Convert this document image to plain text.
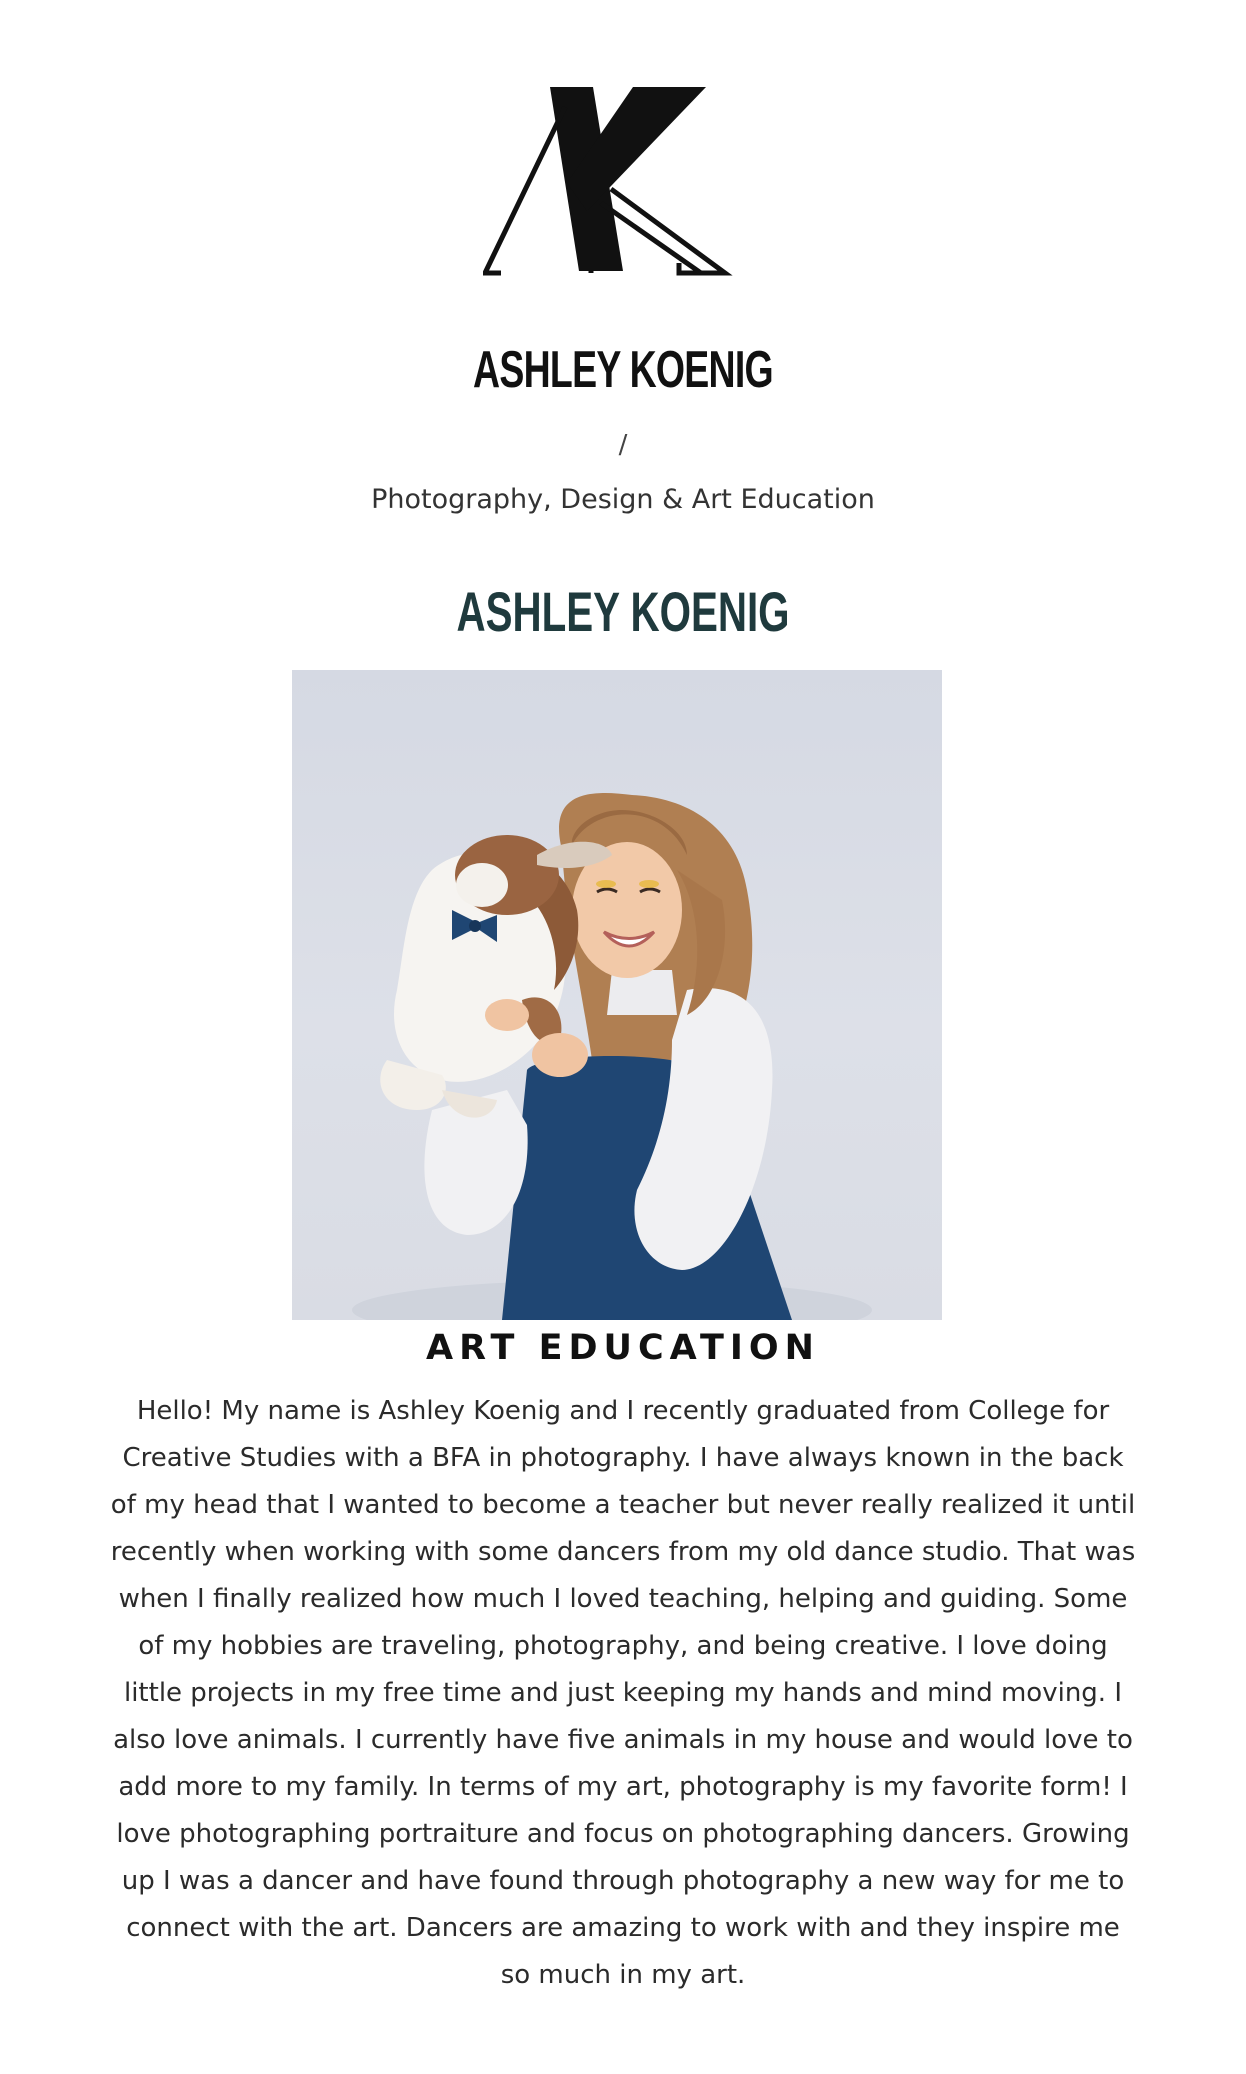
ASHLEY KOENIG
/
Photography, Design & Art Education
ASHLEY KOENIG
ART EDUCATION

Hello! My name is Ashley Koenig and I recently graduated from College for Creative Studies with a BFA in photography. I have always known in the back of my head that I wanted to become a teacher but never really realized it until recently when working with some dancers from my old dance studio. That was when I finally realized how much I loved teaching, helping and guiding. Some of my hobbies are traveling, photography, and being creative. I love doing little projects in my free time and just keeping my hands and mind moving. I also love animals. I currently have five animals in my house and would love to add more to my family. In terms of my art, photography is my favorite form! I love photographing portraiture and focus on photographing dancers. Growing up I was a dancer and have found through photography a new way for me to connect with the art. Dancers are amazing to work with and they inspire me so much in my art.
